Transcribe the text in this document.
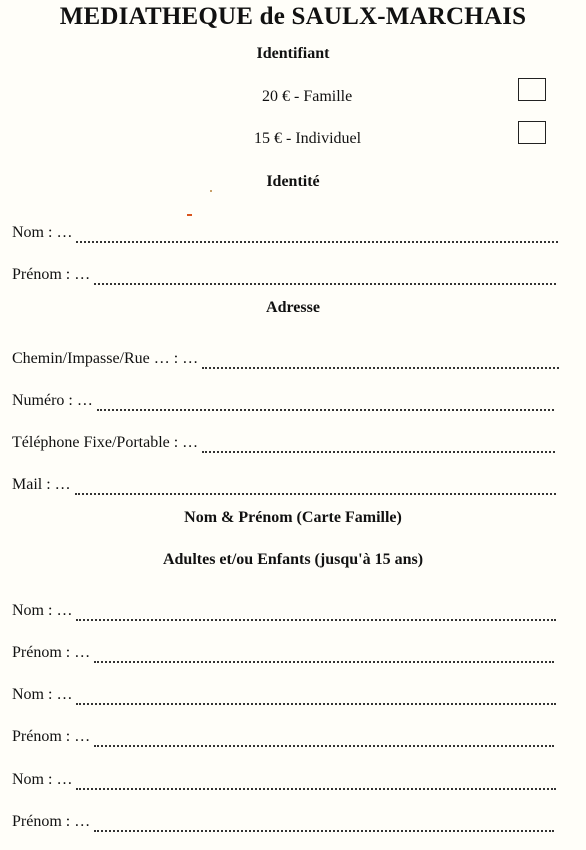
MEDIATHEQUE de SAULX-MARCHAIS
Identifiant
20 € - Famille
15 € - Individuel
Identité
Nom : …
Prénom : …
Adresse
Chemin/Impasse/Rue … : …
Numéro : …
Téléphone Fixe/Portable : …
Mail : …
Nom & Prénom (Carte Famille)
Adultes et/ou Enfants (jusqu'à 15 ans)
Nom : …
Prénom : …
Nom : …
Prénom : …
Nom : …
Prénom : …
